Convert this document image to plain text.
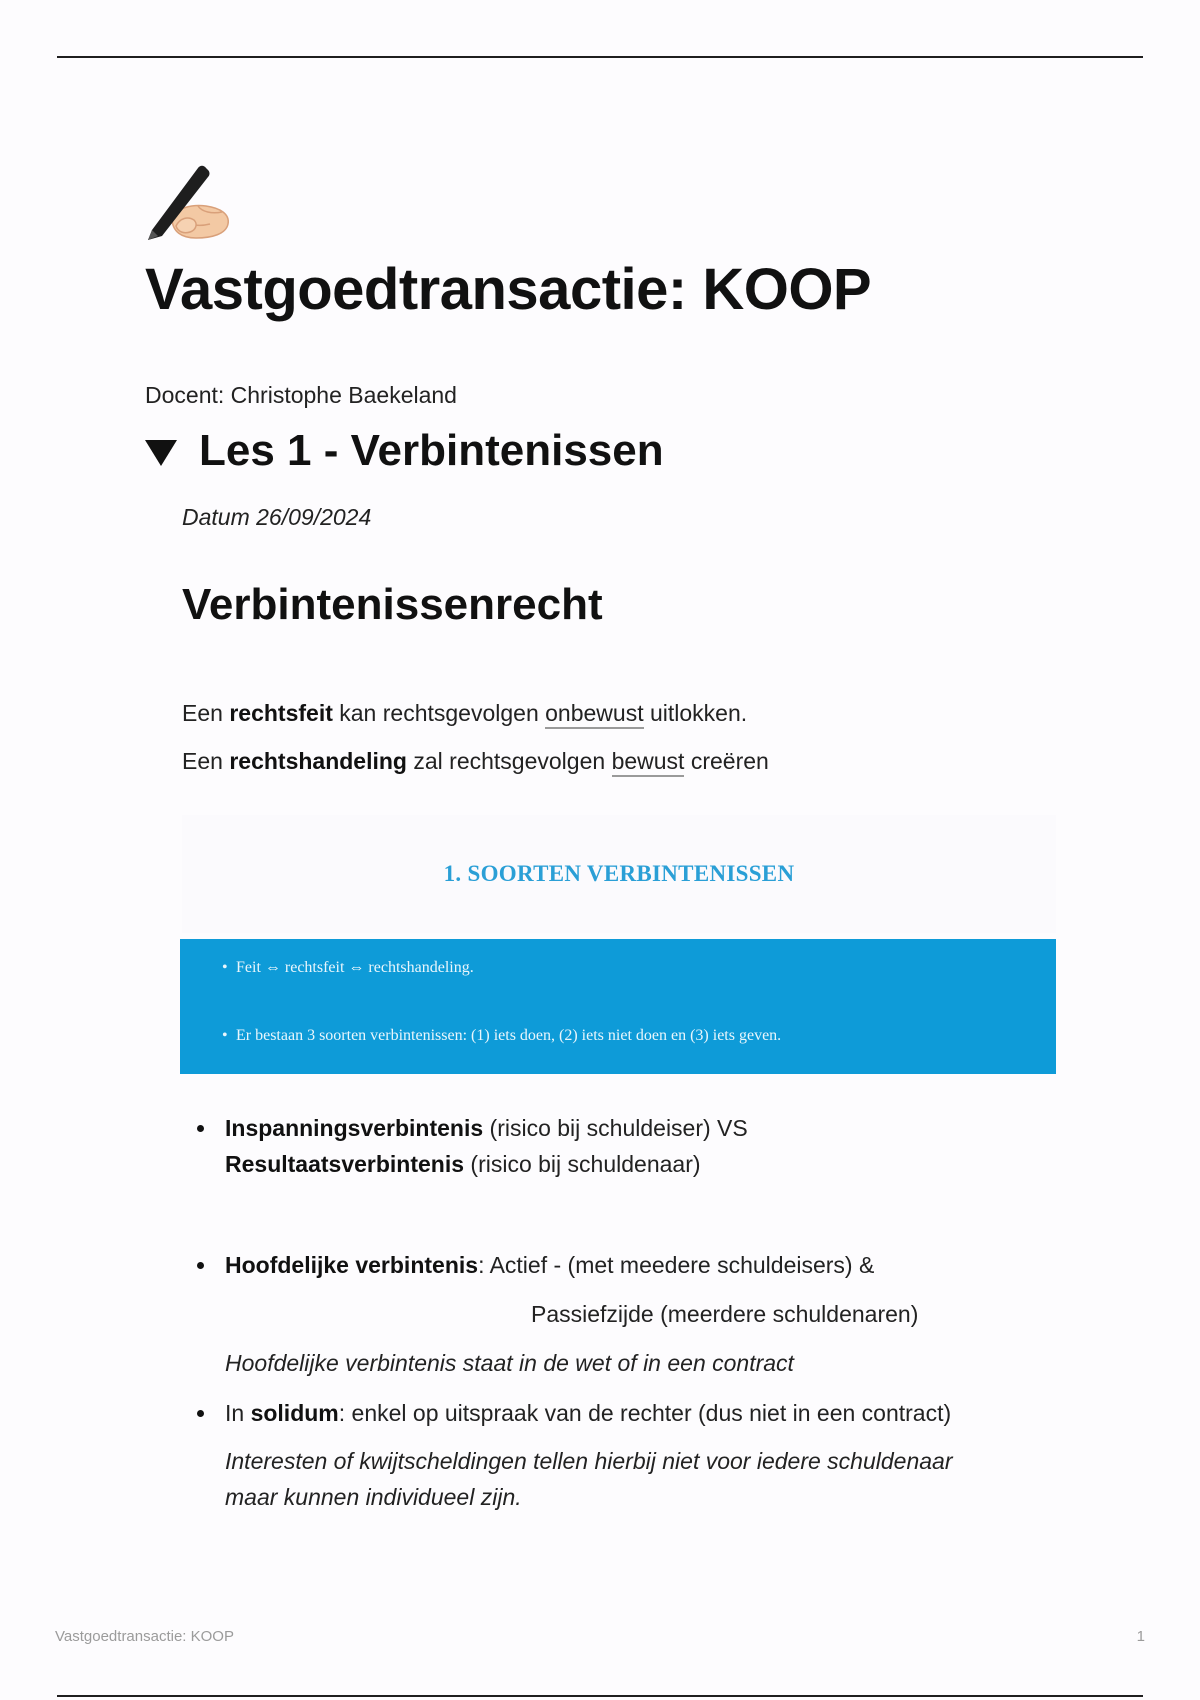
Vastgoedtransactie: KOOP
Docent: Christophe Baekeland
Les 1 - Verbintenissen
Datum 26/09/2024
Verbintenissenrecht
Een rechtsfeit kan rechtsgevolgen onbewust uitlokken.
Een rechtshandeling zal rechtsgevolgen bewust creëren
1. SOORTEN VERBINTENISSEN
• Feit ⇔ rechtsfeit ⇔ rechtshandeling.
• Er bestaan 3 soorten verbintenissen: (1) iets doen, (2) iets niet doen en (3) iets geven.
Inspanningsverbintenis (risico bij schuldeiser) VS
Resultaatsverbintenis (risico bij schuldenaar)
Hoofdelijke verbintenis: Actief - (met meedere schuldeisers) &
Passiefzijde (meerdere schuldenaren)
Hoofdelijke verbintenis staat in de wet of in een contract
In solidum: enkel op uitspraak van de rechter (dus niet in een contract)
Interesten of kwijtscheldingen tellen hierbij niet voor iedere schuldenaar
maar kunnen individueel zijn.
Vastgoedtransactie: KOOP	1
